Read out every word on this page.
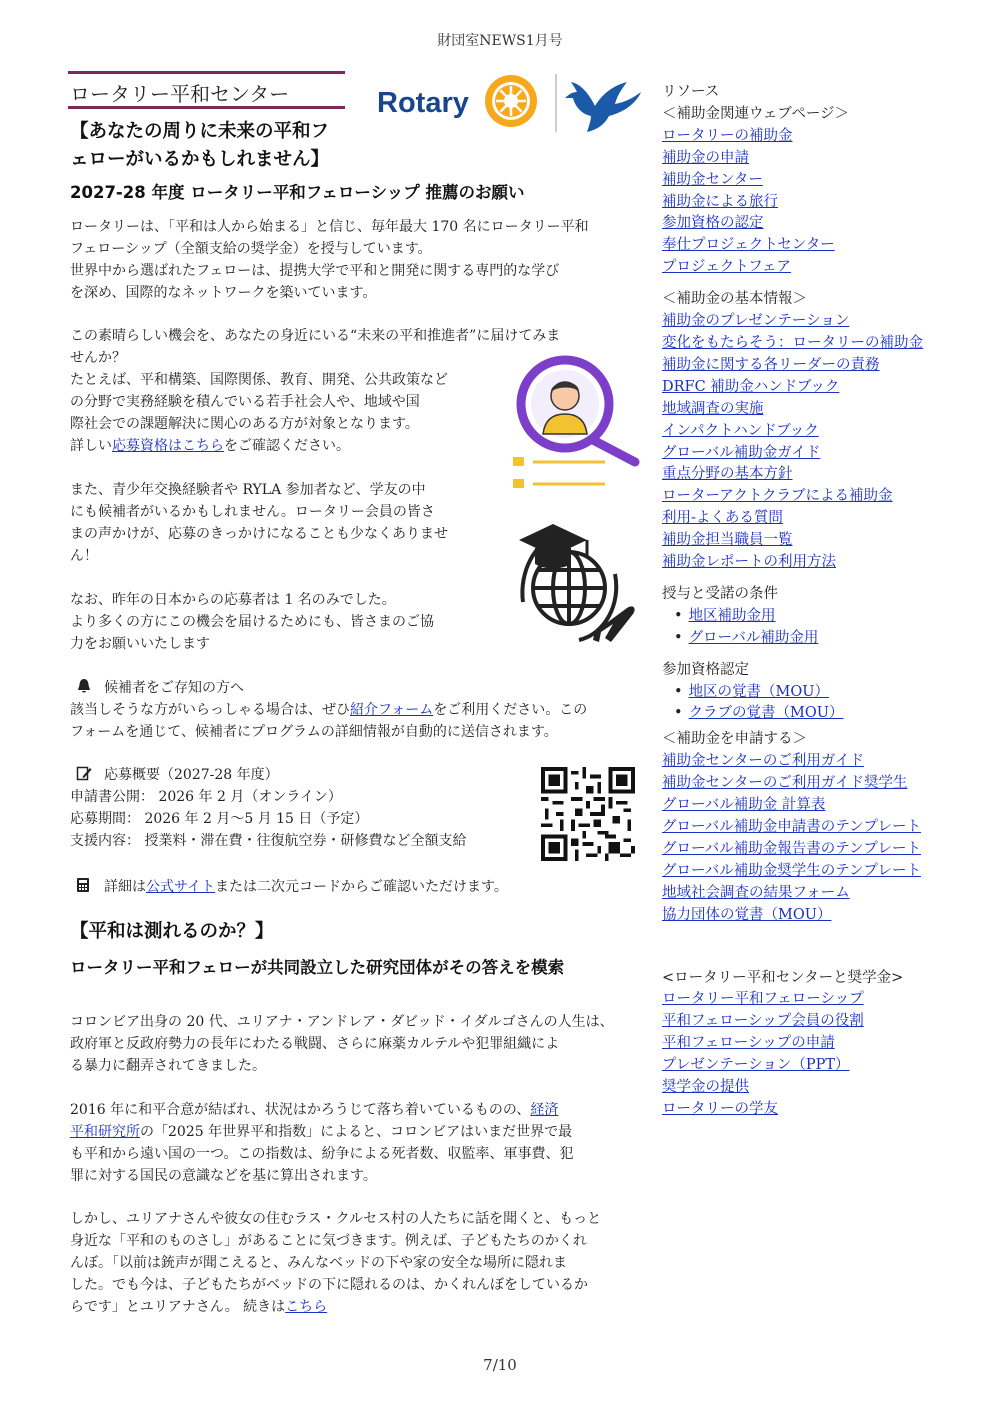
財団室NEWS1月号
ロータリー平和センター	Rotary
【あなたの周りに未来の平和フ
ェローがいるかもしれません】
2027-28 年度 ロータリー平和フェローシップ 推薦のお願い
ロータリーは、「平和は人から始まる」と信じ、毎年最大 170 名にロータリー平和
フェローシップ（全額支給の奨学金）を授与しています。
世界中から選ばれたフェローは、提携大学で平和と開発に関する専門的な学び
を深め、国際的なネットワークを築いています。
この素晴らしい機会を、あなたの身近にいる“未来の平和推進者”に届けてみま
せんか？
たとえば、平和構築、国際関係、教育、開発、公共政策など
の分野で実務経験を積んでいる若手社会人や、地域や国
際社会での課題解決に関心のある方が対象となります。
詳しい応募資格はこちらをご確認ください。
また、青少年交換経験者や RYLA 参加者など、学友の中
にも候補者がいるかもしれません。ロータリー会員の皆さ
まの声かけが、応募のきっかけになることも少なくありませ
ん！
なお、昨年の日本からの応募者は 1 名のみでした。
より多くの方にこの機会を届けるためにも、皆さまのご協
力をお願いいたします
候補者をご存知の方へ
該当しそうな方がいらっしゃる場合は、ぜひ紹介フォームをご利用ください。この
フォームを通じて、候補者にプログラムの詳細情報が自動的に送信されます。
応募概要（2027-28 年度）
申請書公開： 2026 年 2 月（オンライン）
応募期間： 2026 年 2 月～5 月 15 日（予定）
支援内容： 授業料・滞在費・往復航空券・研修費など全額支給
詳細は公式サイトまたは二次元コードからご確認いただけます。
【平和は測れるのか？】
ロータリー平和フェローが共同設立した研究団体がその答えを模索
コロンビア出身の 20 代、ユリアナ・アンドレア・ダビッド・イダルゴさんの人生は、
政府軍と反政府勢力の長年にわたる戦闘、さらに麻薬カルテルや犯罪組織によ
る暴力に翻弄されてきました。
2016 年に和平合意が結ばれ、状況はかろうじて落ち着いているものの、経済
平和研究所の「2025 年世界平和指数」によると、コロンビアはいまだ世界で最
も平和から遠い国の一つ。この指数は、紛争による死者数、収監率、軍事費、犯
罪に対する国民の意識などを基に算出されます。
しかし、ユリアナさんや彼女の住むラス・クルセス村の人たちに話を聞くと、もっと
身近な「平和のものさし」があることに気づきます。例えば、子どもたちのかくれ
んぼ。「以前は銃声が聞こえると、みんなベッドの下や家の安全な場所に隠れま
した。でも今は、子どもたちがベッドの下に隠れるのは、かくれんぼをしているか
らです」とユリアナさん。 続きはこちら
リソース
＜補助金関連ウェブページ＞
ロータリーの補助金
補助金の申請
補助金センター
補助金による旅行
参加資格の認定
奉仕プロジェクトセンター
プロジェクトフェア
＜補助金の基本情報＞
補助金のプレゼンテーション
変化をもたらそう：ロータリーの補助金
補助金に関する各リーダーの責務
DRFC 補助金ハンドブック
地域調査の実施
インパクトハンドブック
グローバル補助金ガイド
重点分野の基本方針
ローターアクトクラブによる補助金
利用-よくある質問
補助金担当職員一覧
補助金レポートの利用方法
授与と受諾の条件
• 地区補助金用
• グローバル補助金用
参加資格認定
• 地区の覚書（MOU）
• クラブの覚書（MOU）
＜補助金を申請する＞
補助金センターのご利用ガイド
補助金センターのご利用ガイド奨学生
グローバル補助金 計算表
グローバル補助金申請書のテンプレート
グローバル補助金報告書のテンプレート
グローバル補助金奨学生のテンプレート
地域社会調査の結果フォーム
協力団体の覚書（MOU）
<ロータリー平和センターと奨学金>
ロータリー平和フェローシップ
平和フェローシップ会員の役割
平和フェローシップの申請
プレゼンテーション（PPT）
奨学金の提供
ロータリーの学友
7/10
